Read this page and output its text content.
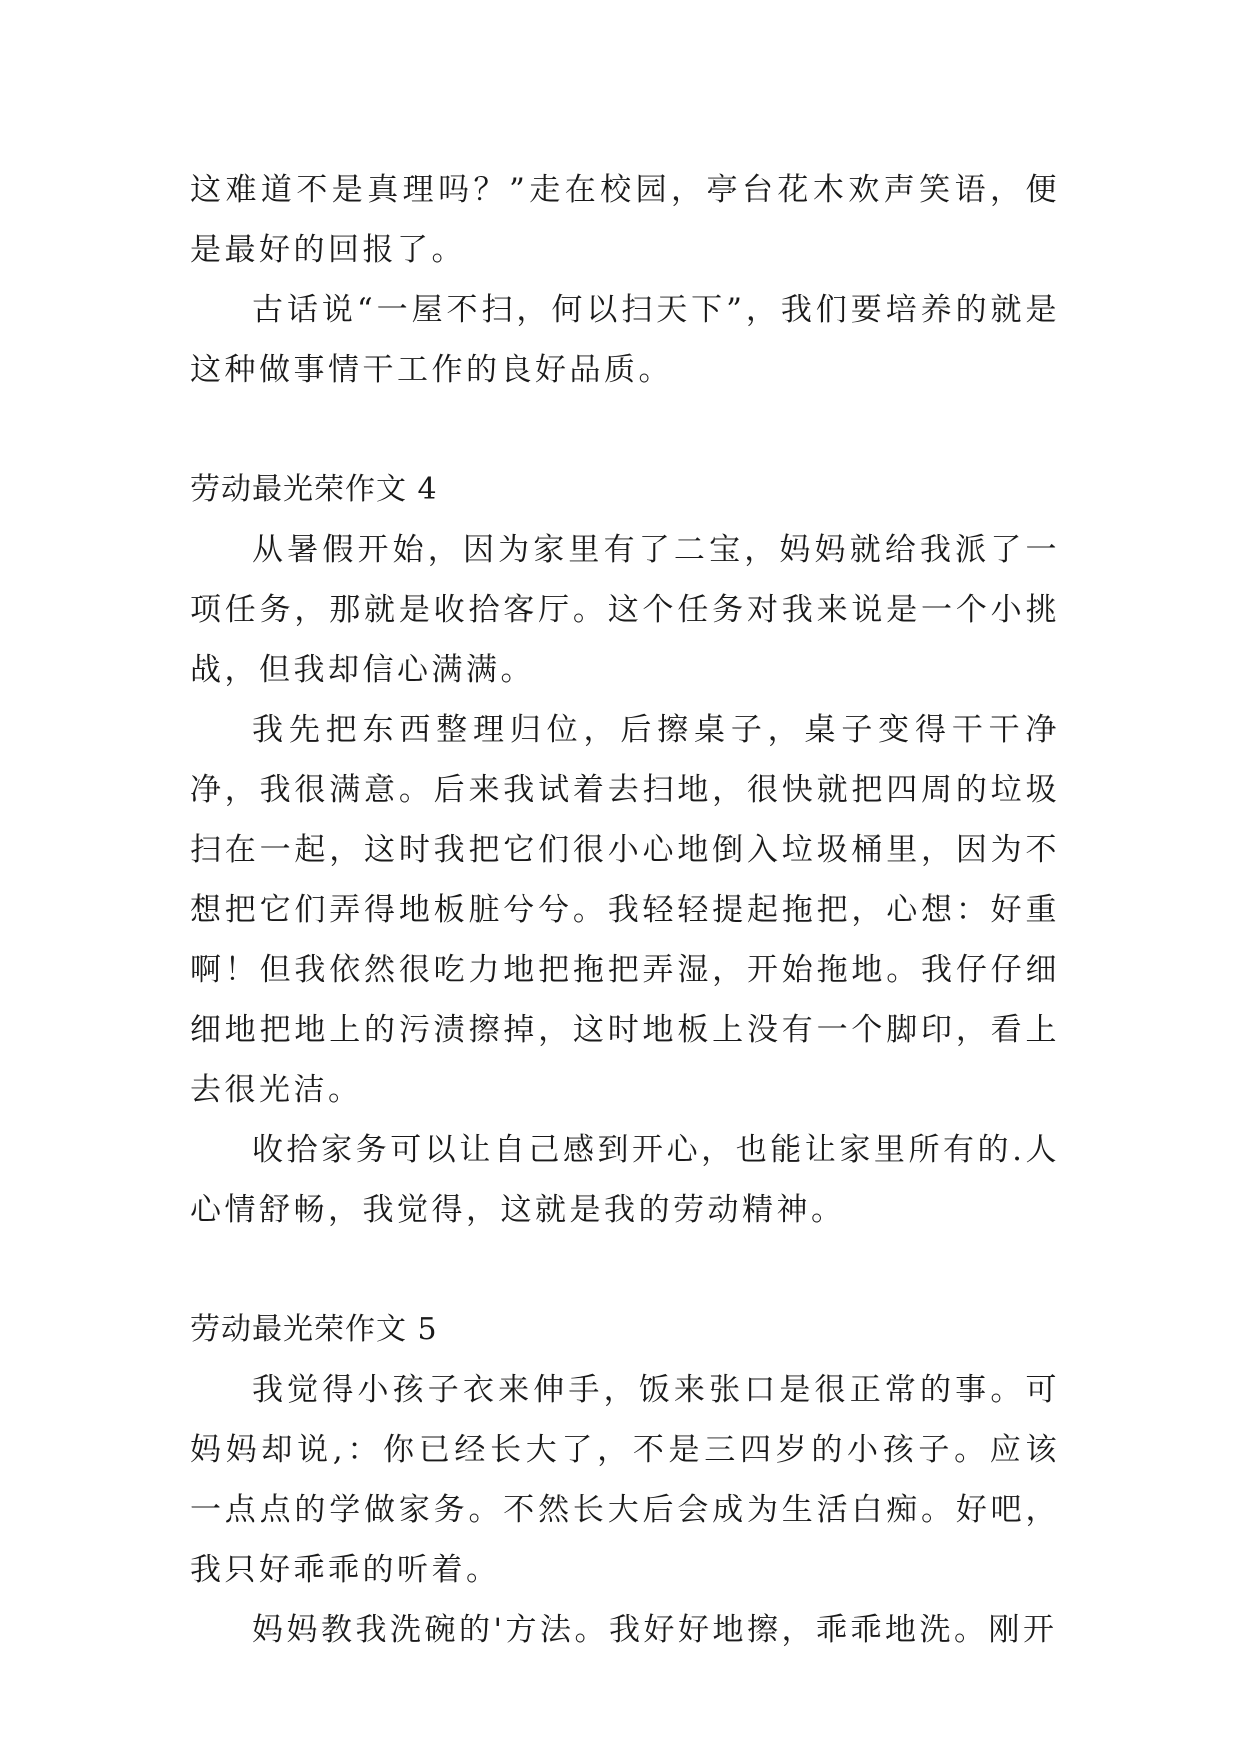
这难道不是真理吗？”走在校园，亭台花木欢声笑语，便是最好的回报了。

古话说“一屋不扫，何以扫天下”，我们要培养的就是这种做事情干工作的良好品质。

劳动最光荣作文 4

从暑假开始，因为家里有了二宝，妈妈就给我派了一项任务，那就是收拾客厅。这个任务对我来说是一个小挑战，但我却信心满满。

我先把东西整理归位，后擦桌子，桌子变得干干净净，我很满意。后来我试着去扫地，很快就把四周的垃圾扫在一起，这时我把它们很小心地倒入垃圾桶里，因为不想把它们弄得地板脏兮兮。我轻轻提起拖把，心想：好重啊！但我依然很吃力地把拖把弄湿，开始拖地。我仔仔细细地把地上的污渍擦掉，这时地板上没有一个脚印，看上去很光洁。

收拾家务可以让自己感到开心，也能让家里所有的.人心情舒畅，我觉得，这就是我的劳动精神。

劳动最光荣作文 5

我觉得小孩子衣来伸手，饭来张口是很正常的事。可妈妈却说,：你已经长大了，不是三四岁的小孩子。应该一点点的学做家务。不然长大后会成为生活白痴。好吧，我只好乖乖的听着。

妈妈教我洗碗的'方法。我好好地擦，乖乖地洗。刚开
